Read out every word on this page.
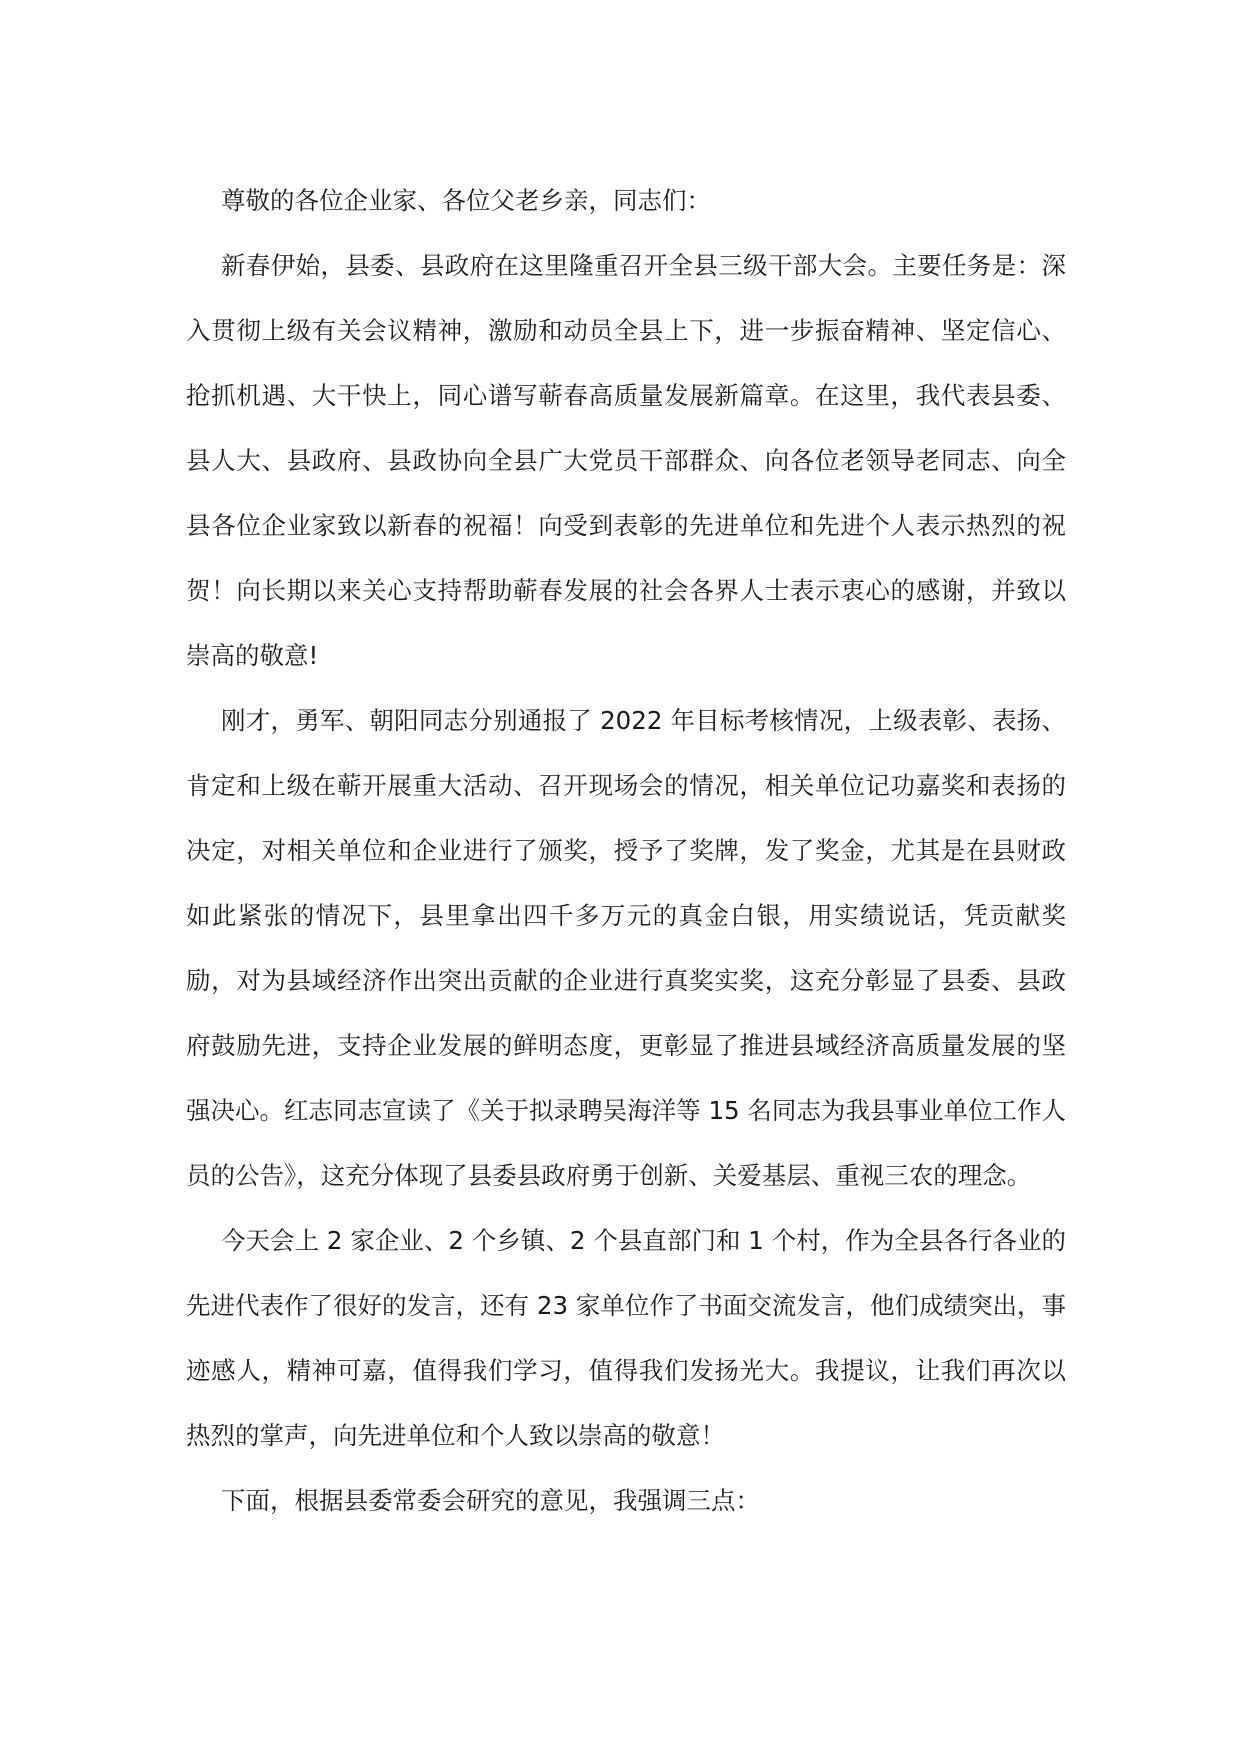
尊敬的各位企业家、各位父老乡亲，同志们：

新春伊始，县委、县政府在这里隆重召开全县三级干部大会。主要任务是：深入贯彻上级有关会议精神，激励和动员全县上下，进一步振奋精神、坚定信心、抢抓机遇、大干快上，同心谱写蕲春高质量发展新篇章。在这里，我代表县委、县人大、县政府、县政协向全县广大党员干部群众、向各位老领导老同志、向全县各位企业家致以新春的祝福！向受到表彰的先进单位和先进个人表示热烈的祝贺！向长期以来关心支持帮助蕲春发展的社会各界人士表示衷心的感谢，并致以崇高的敬意!

刚才，勇军、朝阳同志分别通报了 2022 年目标考核情况，上级表彰、表扬、肯定和上级在蕲开展重大活动、召开现场会的情况，相关单位记功嘉奖和表扬的决定，对相关单位和企业进行了颁奖，授予了奖牌，发了奖金，尤其是在县财政如此紧张的情况下，县里拿出四千多万元的真金白银，用实绩说话，凭贡献奖励，对为县域经济作出突出贡献的企业进行真奖实奖，这充分彰显了县委、县政府鼓励先进，支持企业发展的鲜明态度，更彰显了推进县域经济高质量发展的坚强决心。红志同志宣读了《关于拟录聘吴海洋等 15 名同志为我县事业单位工作人员的公告》，这充分体现了县委县政府勇于创新、关爱基层、重视三农的理念。

今天会上 2 家企业、2 个乡镇、2 个县直部门和 1 个村，作为全县各行各业的先进代表作了很好的发言，还有 23 家单位作了书面交流发言，他们成绩突出，事迹感人，精神可嘉，值得我们学习，值得我们发扬光大。我提议，让我们再次以热烈的掌声，向先进单位和个人致以崇高的敬意！

下面，根据县委常委会研究的意见，我强调三点：
